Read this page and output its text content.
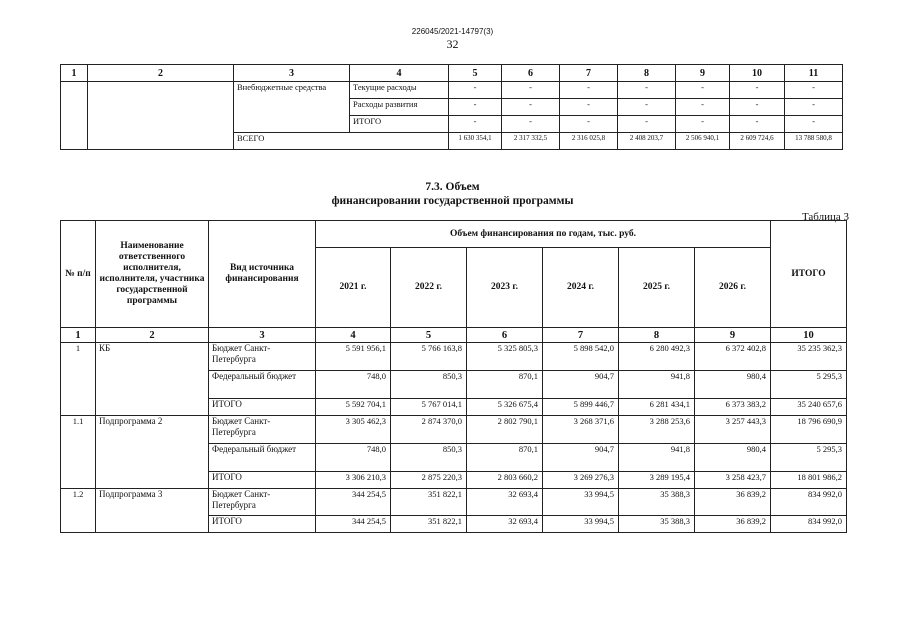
226045/2021-14797(3)
32
1	2	3	4	5	6	7	8	9	10	11
		Внебюджетные средства	Текущие расходы	-	-	-	-	-	-	-
			Расходы развития	-	-	-	-	-	-	-
			ИТОГО	-	-	-	-	-	-	-
		ВСЕГО		1 630 354,1	2 317 332,5	2 316 025,8	2 408 203,7	2 506 940,1	2 609 724,6	13 788 580,8
7.3. Объем
финансировании государственной программы
Таблица 3
№ п/п	Наименование ответственного исполнителя, исполнителя, участника государственной программы	Вид источника финансирования	Объем финансирования по годам, тыс. руб.						ИТОГО
			2021 г.	2022 г.	2023 г.	2024 г.	2025 г.	2026 г.	
1	2	3	4	5	6	7	8	9	10
1	КБ	Бюджет Санкт-Петербурга	5 591 956,1	5 766 163,8	5 325 805,3	5 898 542,0	6 280 492,3	6 372 402,8	35 235 362,3
		Федеральный бюджет	748,0	850,3	870,1	904,7	941,8	980,4	5 295,3
		ИТОГО	5 592 704,1	5 767 014,1	5 326 675,4	5 899 446,7	6 281 434,1	6 373 383,2	35 240 657,6
1.1	Подпрограмма 2	Бюджет Санкт-Петербурга	3 305 462,3	2 874 370,0	2 802 790,1	3 268 371,6	3 288 253,6	3 257 443,3	18 796 690,9
		Федеральный бюджет	748,0	850,3	870,1	904,7	941,8	980,4	5 295,3
		ИТОГО	3 306 210,3	2 875 220,3	2 803 660,2	3 269 276,3	3 289 195,4	3 258 423,7	18 801 986,2
1.2	Подпрограмма 3	Бюджет Санкт-Петербурга	344 254,5	351 822,1	32 693,4	33 994,5	35 388,3	36 839,2	834 992,0
		ИТОГО	344 254,5	351 822,1	32 693,4	33 994,5	35 388,3	36 839,2	834 992,0
